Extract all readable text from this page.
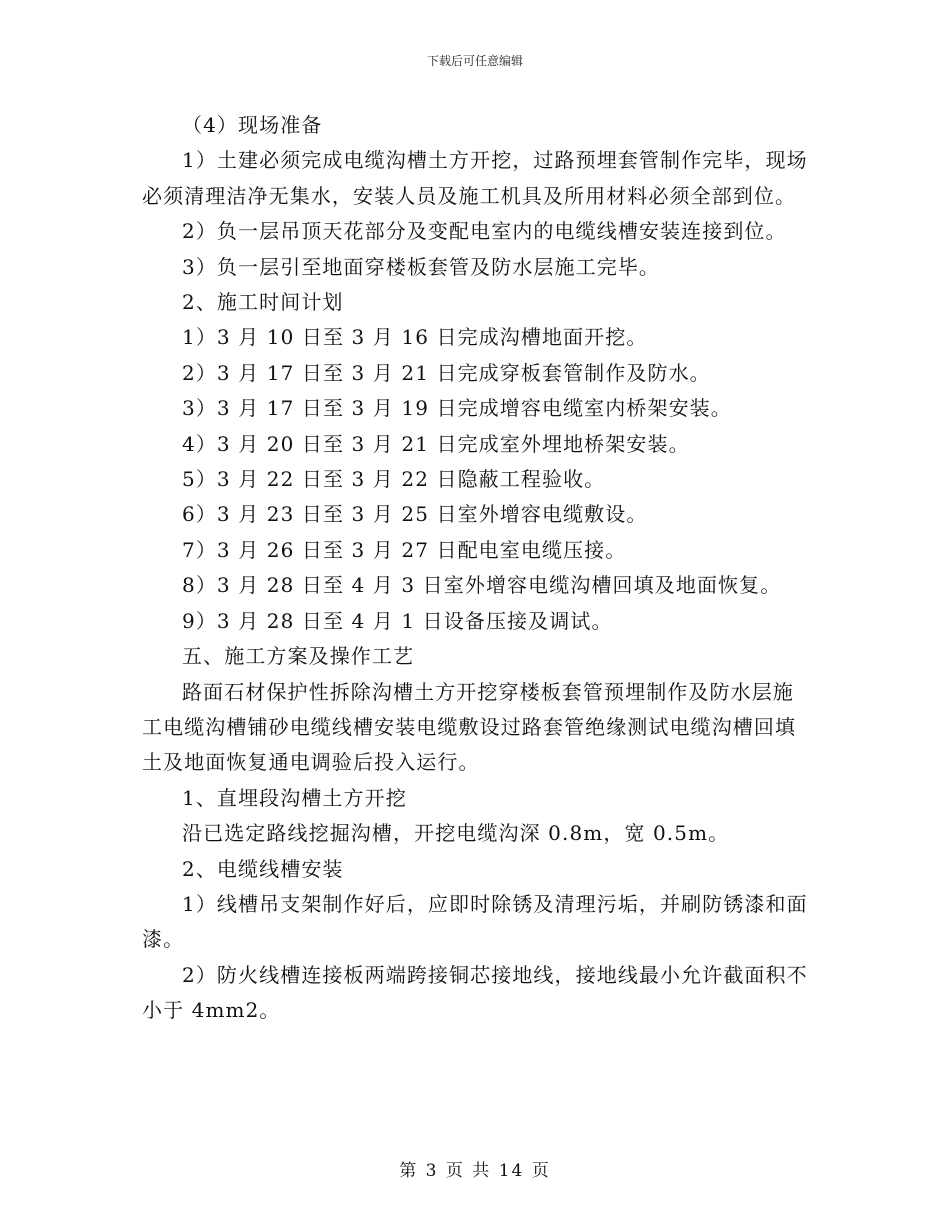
下载后可任意编辑

（4）现场准备

1）土建必须完成电缆沟槽土方开挖，过路预埋套管制作完毕，现场必须清理洁净无集水，安装人员及施工机具及所用材料必须全部到位。

2）负一层吊顶天花部分及变配电室内的电缆线槽安装连接到位。

3）负一层引至地面穿楼板套管及防水层施工完毕。

2、施工时间计划

1）3 月 10 日至 3 月 16 日完成沟槽地面开挖。

2）3 月 17 日至 3 月 21 日完成穿板套管制作及防水。

3）3 月 17 日至 3 月 19 日完成增容电缆室内桥架安装。

4）3 月 20 日至 3 月 21 日完成室外埋地桥架安装。

5）3 月 22 日至 3 月 22 日隐蔽工程验收。

6）3 月 23 日至 3 月 25 日室外增容电缆敷设。

7）3 月 26 日至 3 月 27 日配电室电缆压接。

8）3 月 28 日至 4 月 3 日室外增容电缆沟槽回填及地面恢复。

9）3 月 28 日至 4 月 1 日设备压接及调试。

五、施工方案及操作工艺

路面石材保护性拆除沟槽土方开挖穿楼板套管预埋制作及防水层施工电缆沟槽铺砂电缆线槽安装电缆敷设过路套管绝缘测试电缆沟槽回填土及地面恢复通电调验后投入运行。

1、直埋段沟槽土方开挖

沿已选定路线挖掘沟槽，开挖电缆沟深 0.8m，宽 0.5m。

2、电缆线槽安装

1）线槽吊支架制作好后，应即时除锈及清理污垢，并刷防锈漆和面漆。

2）防火线槽连接板两端跨接铜芯接地线，接地线最小允许截面积不小于 4mm2。

第 3 页 共 14 页
